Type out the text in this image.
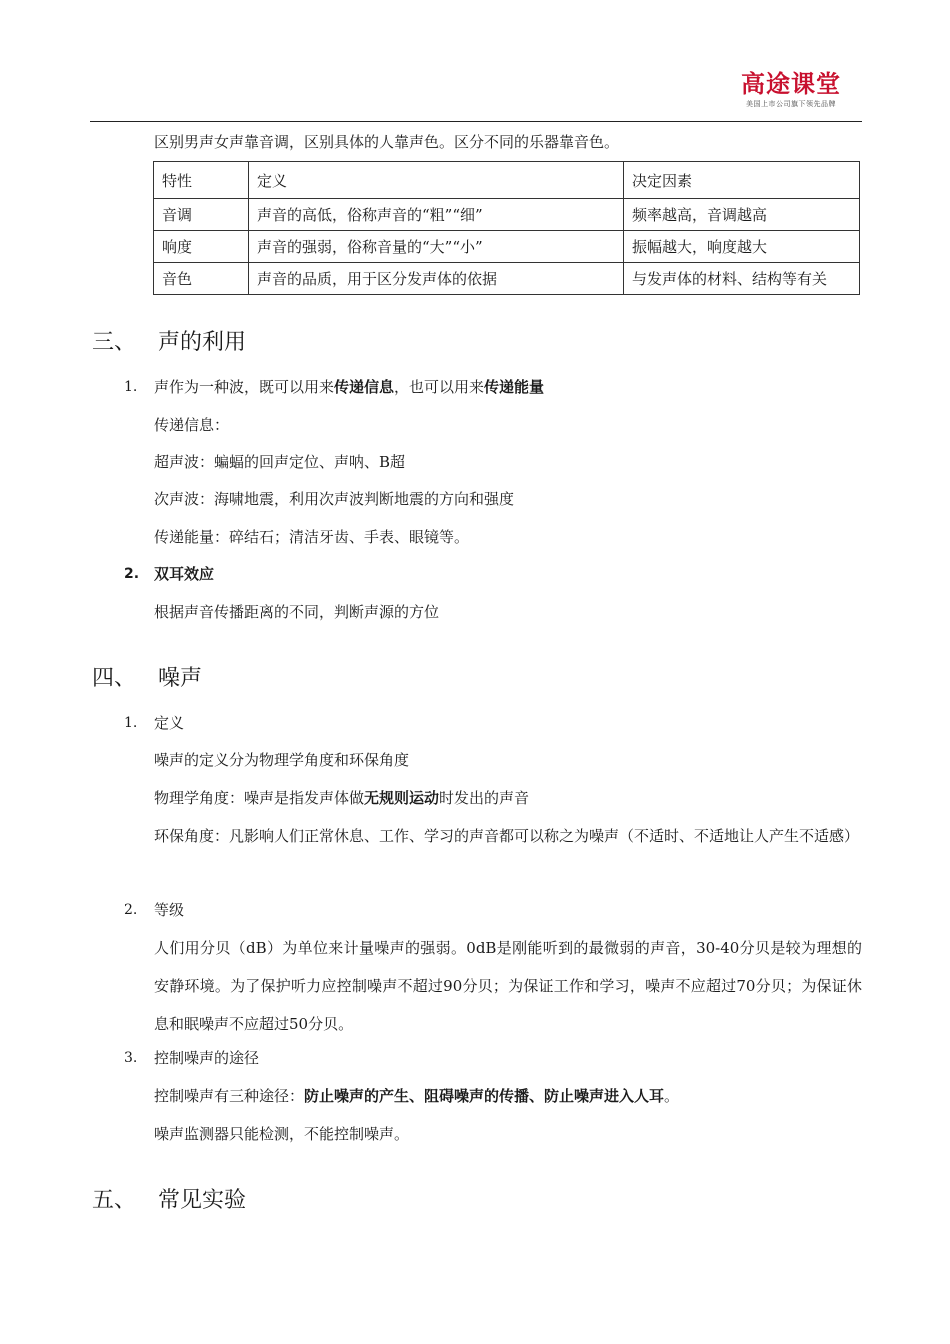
高途课堂
美国上市公司旗下领先品牌
区别男声女声靠音调，区别具体的人靠声色。区分不同的乐器靠音色。
特性	定义	决定因素
音调	声音的高低，俗称声音的“粗”“细”	频率越高，音调越高
响度	声音的强弱，俗称音量的“大”“小”	振幅越大，响度越大
音色	声音的品质，用于区分发声体的依据	与发声体的材料、结构等有关
三、 声的利用
1. 声作为一种波，既可以用来传递信息，也可以用来传递能量
传递信息：
超声波：蝙蝠的回声定位、声呐、B超
次声波：海啸地震，利用次声波判断地震的方向和强度
传递能量：碎结石；清洁牙齿、手表、眼镜等。
2. 双耳效应
根据声音传播距离的不同，判断声源的方位
四、 噪声
1. 定义
噪声的定义分为物理学角度和环保角度
物理学角度：噪声是指发声体做无规则运动时发出的声音
环保角度：凡影响人们正常休息、工作、学习的声音都可以称之为噪声（不适时、不适地让人产生不适感）
2. 等级
人们用分贝（dB）为单位来计量噪声的强弱。0dB是刚能听到的最微弱的声音，30-40分贝是较为理想的安静环境。为了保护听力应控制噪声不超过90分贝；为保证工作和学习，噪声不应超过70分贝；为保证休息和眠噪声不应超过50分贝。
3. 控制噪声的途径
控制噪声有三种途径：防止噪声的产生、阻碍噪声的传播、防止噪声进入人耳。
噪声监测器只能检测，不能控制噪声。
五、 常见实验
